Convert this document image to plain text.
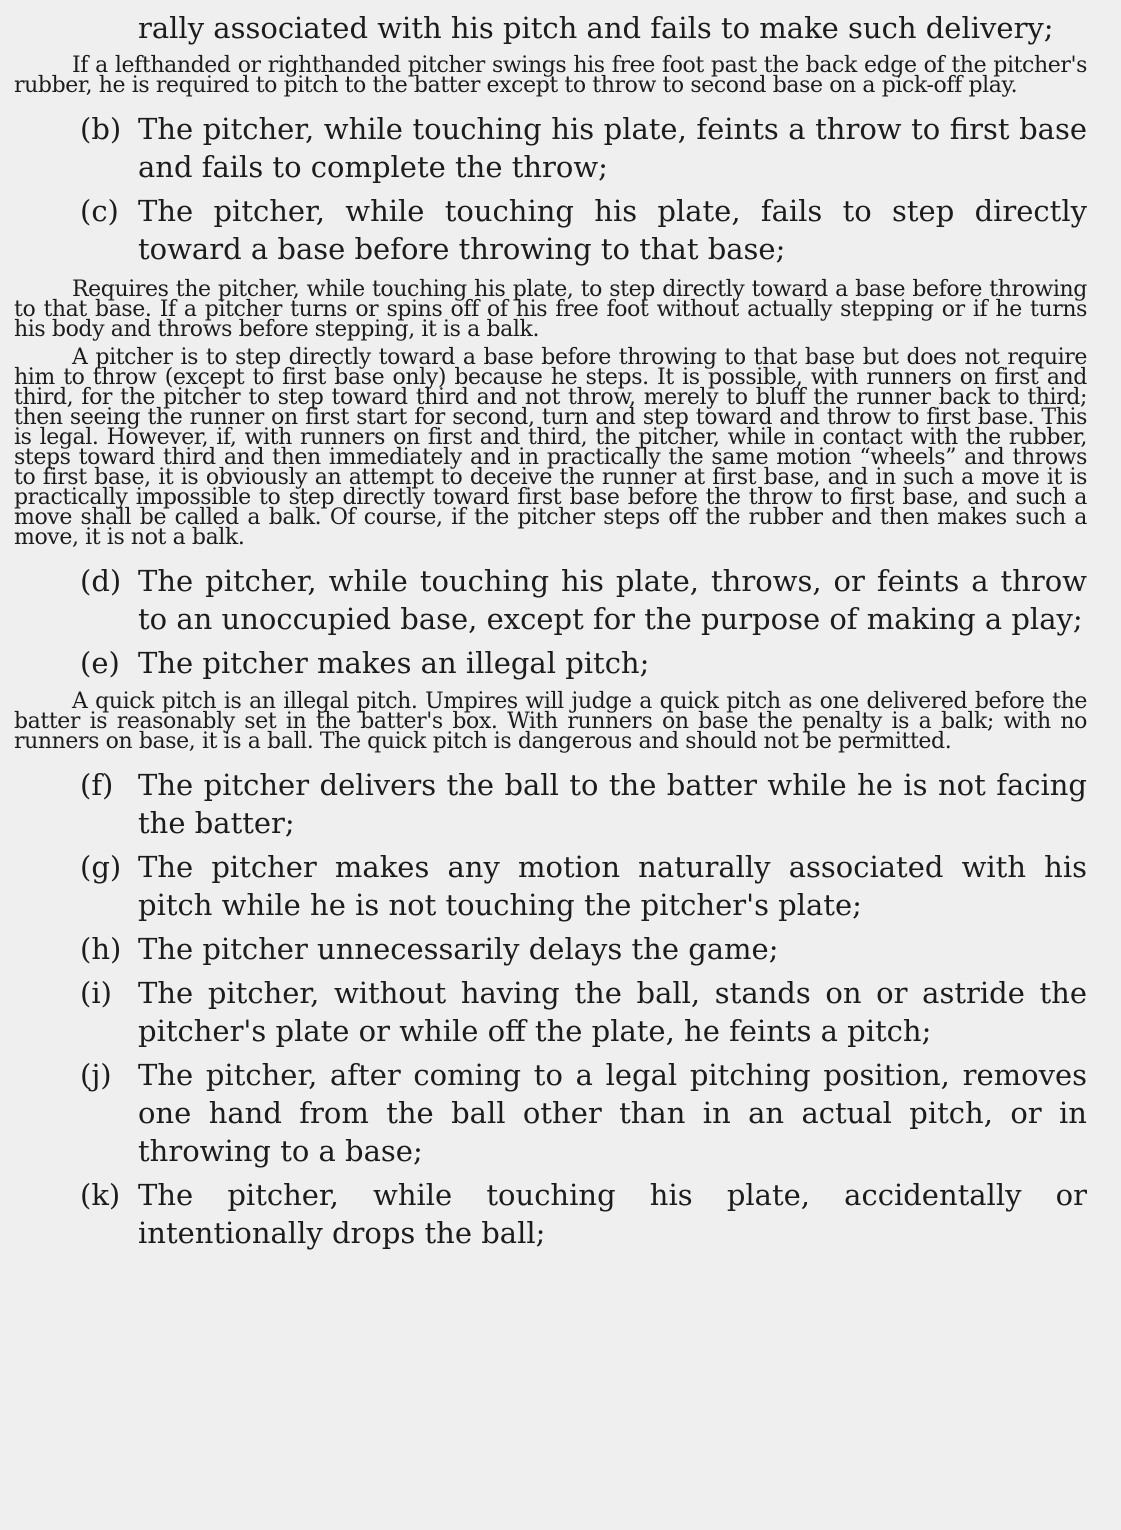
rally associated with his pitch and fails to make such delivery;

If a lefthanded or righthanded pitcher swings his free foot past the back edge of the pitcher's rubber, he is required to pitch to the batter except to throw to second base on a pick-off play.

(b) The pitcher, while touching his plate, feints a throw to first base and fails to complete the throw;
(c) The pitcher, while touching his plate, fails to step directly toward a base before throwing to that base;

Requires the pitcher, while touching his plate, to step directly toward a base before throwing to that base. If a pitcher turns or spins off of his free foot without actually stepping or if he turns his body and throws before stepping, it is a balk.

A pitcher is to step directly toward a base before throwing to that base but does not require him to throw (except to first base only) because he steps. It is possible, with runners on first and third, for the pitcher to step toward third and not throw, merely to bluff the runner back to third; then seeing the runner on first start for second, turn and step toward and throw to first base. This is legal. However, if, with runners on first and third, the pitcher, while in contact with the rubber, steps toward third and then immediately and in practically the same motion “wheels” and throws to first base, it is obviously an attempt to deceive the runner at first base, and in such a move it is practically impossible to step directly toward first base before the throw to first base, and such a move shall be called a balk. Of course, if the pitcher steps off the rubber and then makes such a move, it is not a balk.

(d) The pitcher, while touching his plate, throws, or feints a throw to an unoccupied base, except for the purpose of making a play;
(e) The pitcher makes an illegal pitch;

A quick pitch is an illegal pitch. Umpires will judge a quick pitch as one delivered before the batter is reasonably set in the batter's box. With runners on base the penalty is a balk; with no runners on base, it is a ball. The quick pitch is dangerous and should not be permitted.

(f) The pitcher delivers the ball to the batter while he is not facing the batter;
(g) The pitcher makes any motion naturally associated with his pitch while he is not touching the pitcher's plate;
(h) The pitcher unnecessarily delays the game;
(i) The pitcher, without having the ball, stands on or astride the pitcher's plate or while off the plate, he feints a pitch;
(j) The pitcher, after coming to a legal pitching position, removes one hand from the ball other than in an actual pitch, or in throwing to a base;
(k) The pitcher, while touching his plate, accidentally or intentionally drops the ball;
